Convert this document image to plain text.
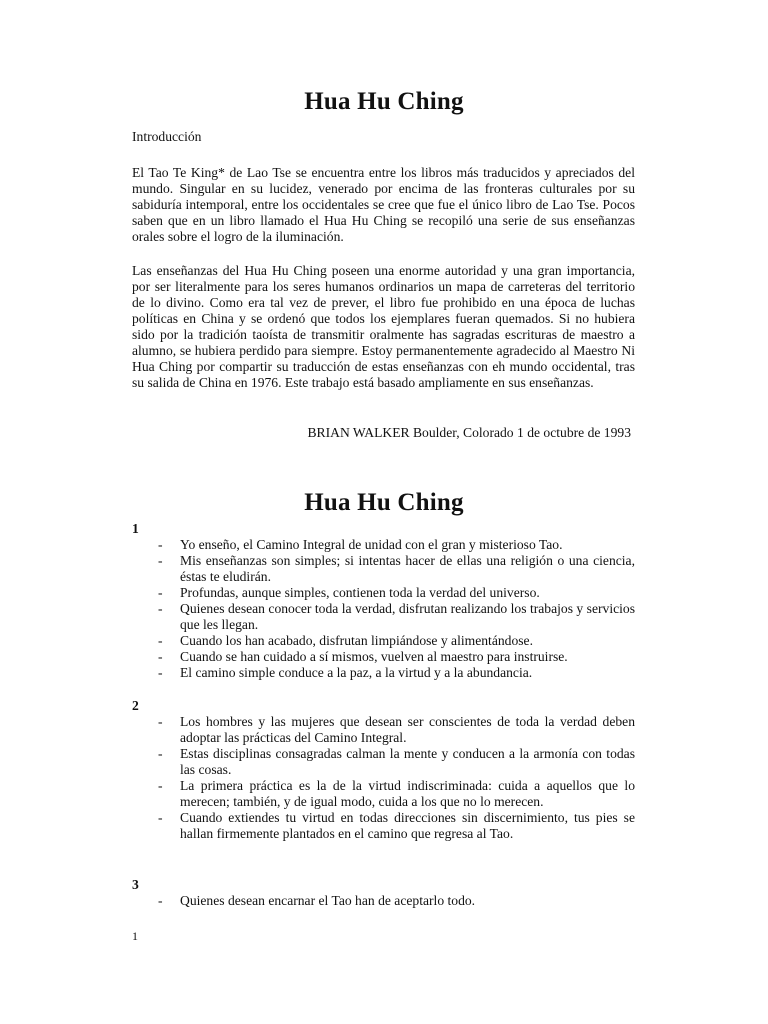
Hua Hu Ching

Introducción

El Tao Te King* de Lao Tse se encuentra entre los libros más traducidos y apreciados del mundo. Singular en su lucidez, venerado por encima de las fronteras culturales por su sabiduría intemporal, entre los occidentales se cree que fue el único libro de Lao Tse. Pocos saben que en un libro llamado el Hua Hu Ching se recopiló una serie de sus enseñanzas orales sobre el logro de la iluminación.

Las enseñanzas del Hua Hu Ching poseen una enorme autoridad y una gran importancia, por ser literalmente para los seres humanos ordinarios un mapa de carreteras del territorio de lo divino. Como era tal vez de prever, el libro fue prohibido en una época de luchas políticas en China y se ordenó que todos los ejemplares fueran quemados. Si no hubiera sido por la tradición taoísta de transmitir oralmente has sagradas escrituras de maestro a alumno, se hubiera perdido para siempre. Estoy permanentemente agradecido al Maestro Ni Hua Ching por compartir su traducción de estas enseñanzas con eh mundo occidental, tras su salida de China en 1976. Este trabajo está basado ampliamente en sus enseñanzas.

BRIAN WALKER Boulder, Colorado 1 de octubre de 1993

Hua Hu Ching

1

- Yo enseño, el Camino Integral de unidad con el gran y misterioso Tao.
- Mis enseñanzas son simples; si intentas hacer de ellas una religión o una ciencia, éstas te eludirán.
- Profundas, aunque simples, contienen toda la verdad del universo.
- Quienes desean conocer toda la verdad, disfrutan realizando los trabajos y servicios que les llegan.
- Cuando los han acabado, disfrutan limpiándose y alimentándose.
- Cuando se han cuidado a sí mismos, vuelven al maestro para instruirse.
- El camino simple conduce a la paz, a la virtud y a la abundancia.

2

- Los hombres y las mujeres que desean ser conscientes de toda la verdad deben adoptar las prácticas del Camino Integral.
- Estas disciplinas consagradas calman la mente y conducen a la armonía con todas las cosas.
- La primera práctica es la de la virtud indiscriminada: cuida a aquellos que lo merecen; también, y de igual modo, cuida a los que no lo merecen.
- Cuando extiendes tu virtud en todas direcciones sin discernimiento, tus pies se hallan firmemente plantados en el camino que regresa al Tao.

3

- Quienes desean encarnar el Tao han de aceptarlo todo.

1
